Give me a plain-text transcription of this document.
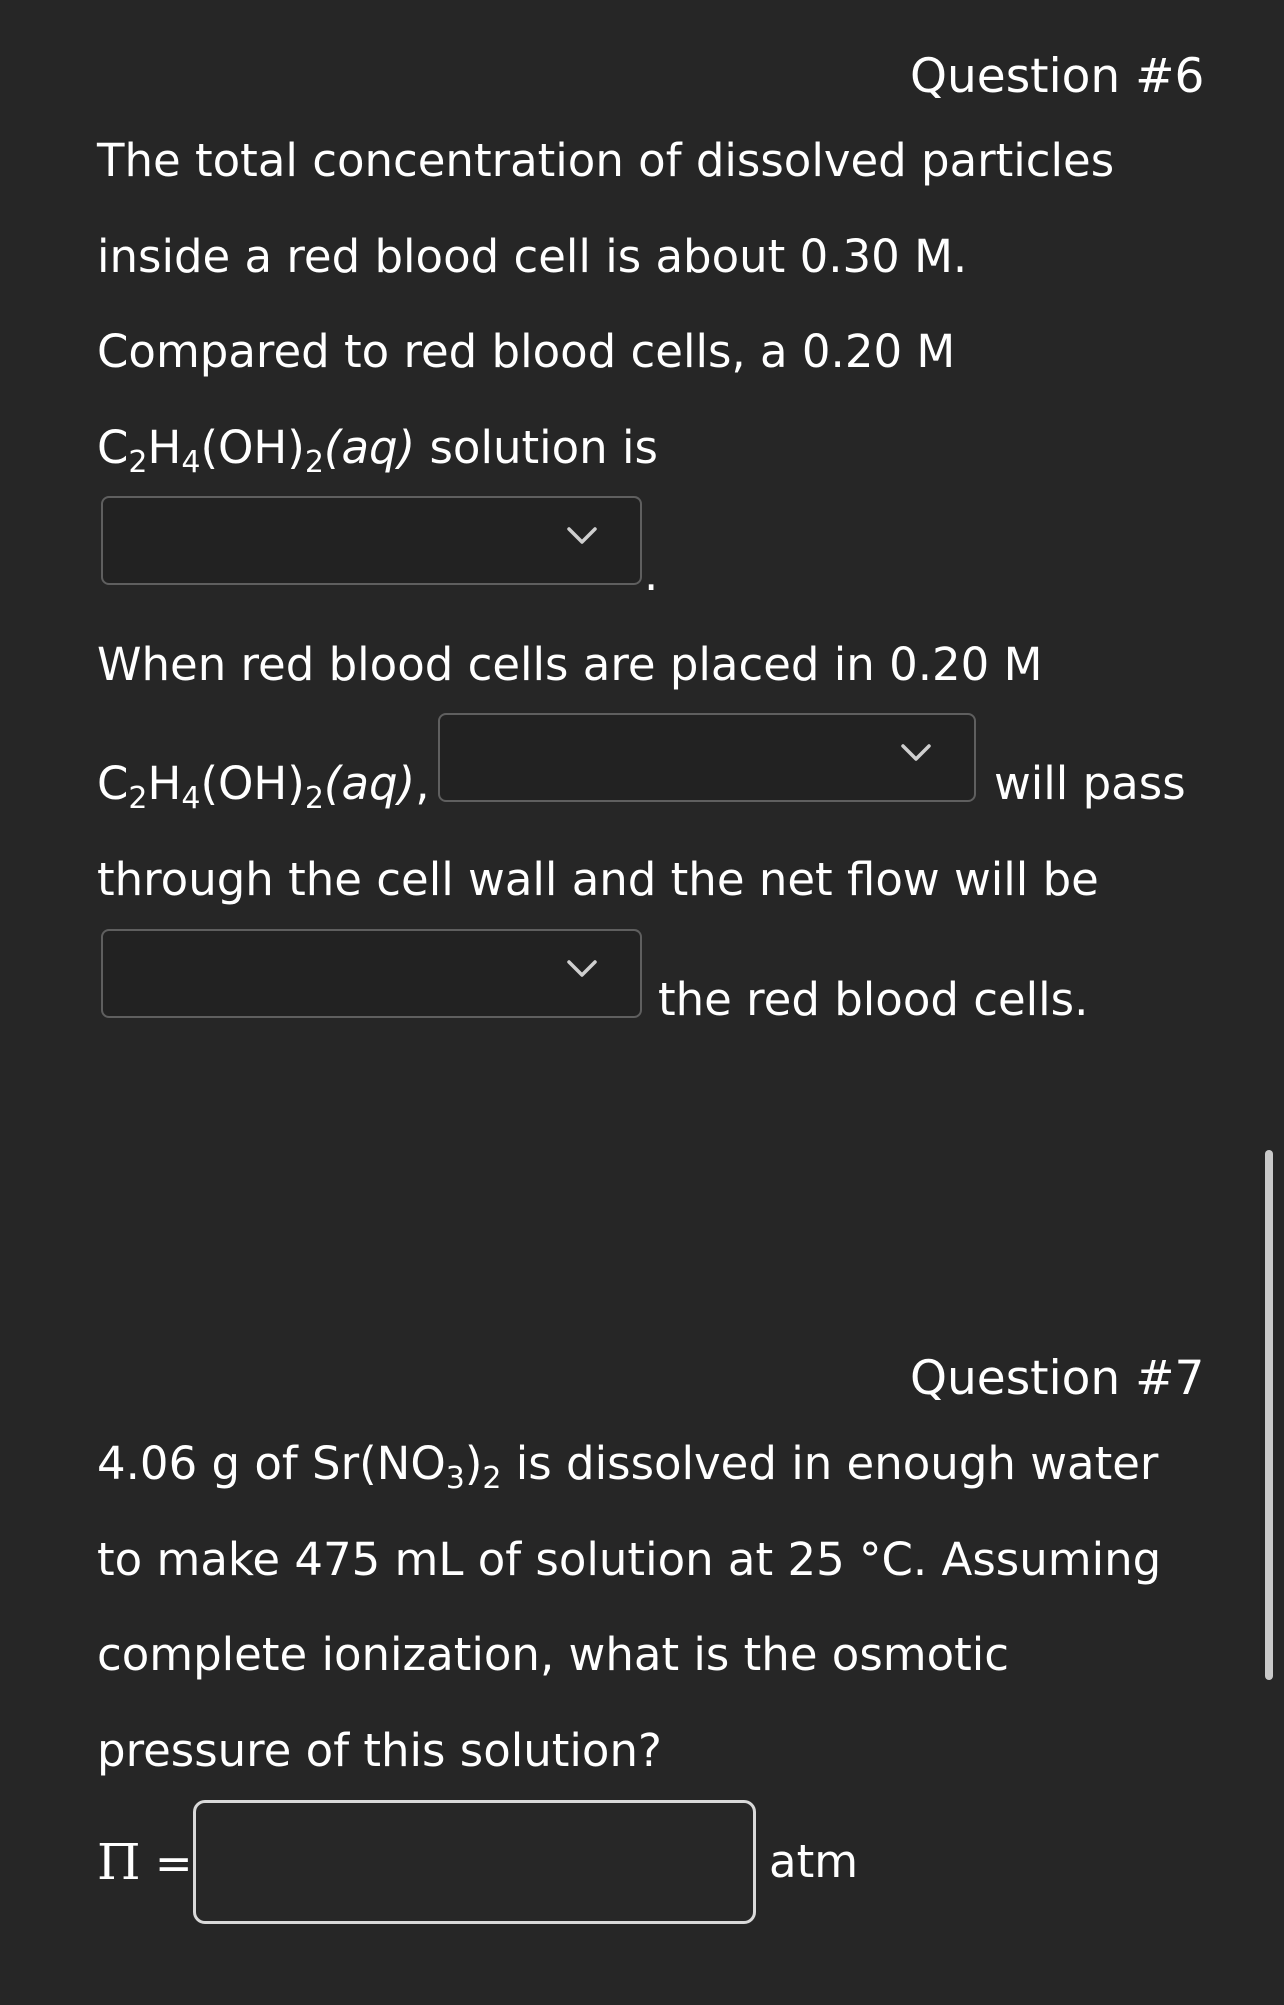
Question #6
The total concentration of dissolved particles
inside a red blood cell is about 0.30 M.
Compared to red blood cells, a 0.20 M
$C_2H_4(OH)_2(aq)$ solution is
.
When red blood cells are placed in 0.20 M
$C_2H_4(OH)_2(aq)$,	will pass
through the cell wall and the net flow will be
the red blood cells.
Question #7
4.06 g of $Sr(NO_3)_2$ is dissolved in enough water
to make 475 mL of solution at 25 °C. Assuming
complete ionization, what is the osmotic
pressure of this solution?
Π =	atm
